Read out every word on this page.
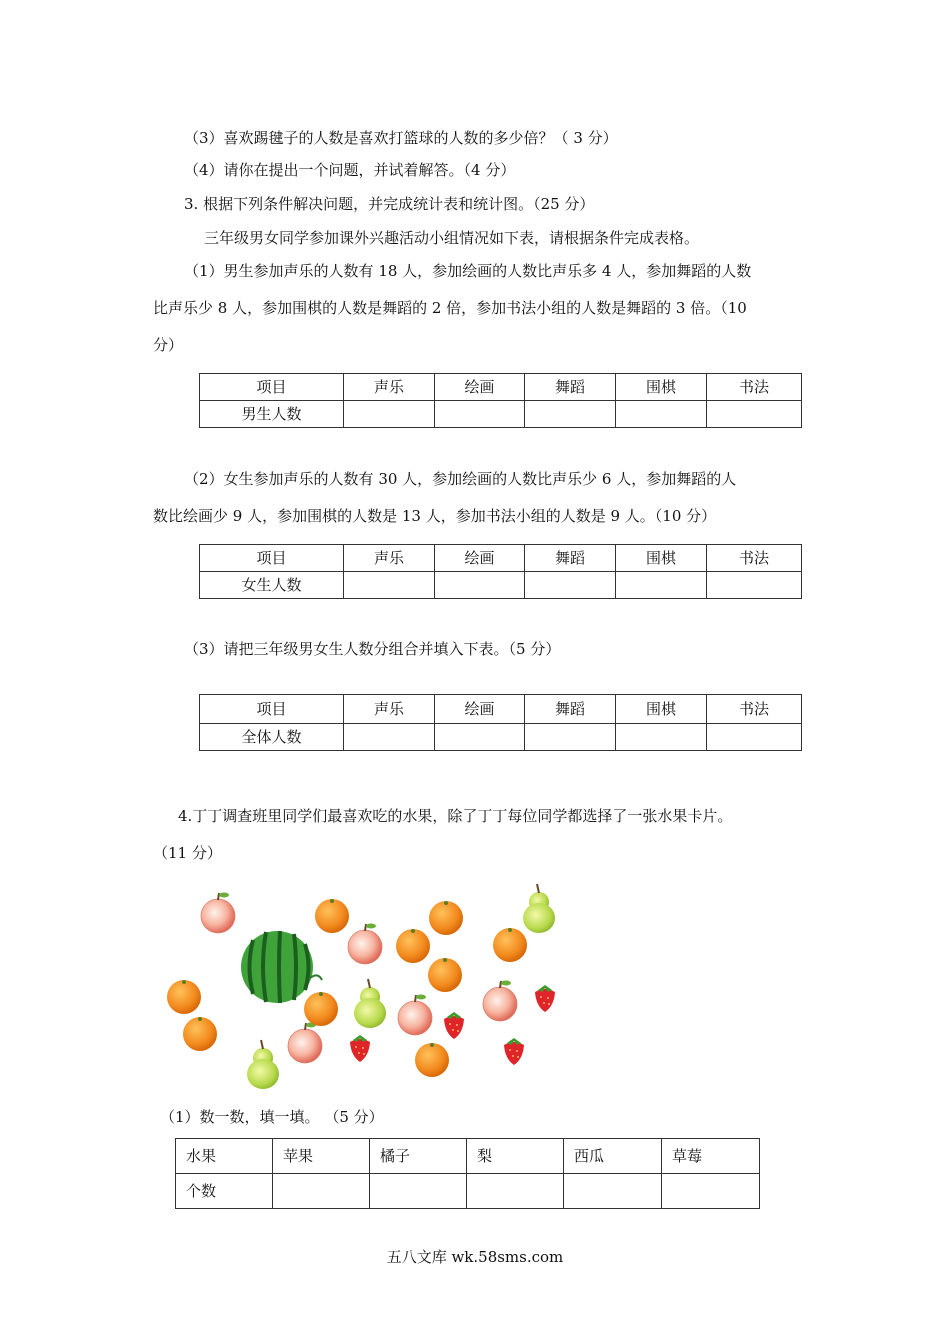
（3）喜欢踢毽子的人数是喜欢打篮球的人数的多少倍？（ 3 分）
（4）请你在提出一个问题，并试着解答。（4 分）
3. 根据下列条件解决问题，并完成统计表和统计图。（25 分）
三年级男女同学参加课外兴趣活动小组情况如下表，请根据条件完成表格。
（1）男生参加声乐的人数有 18 人，参加绘画的人数比声乐多 4 人，参加舞蹈的人数
比声乐少 8 人，参加围棋的人数是舞蹈的 2 倍，参加书法小组的人数是舞蹈的 3 倍。（10
分）
项目	声乐	绘画	舞蹈	围棋	书法
男生人数					
（2）女生参加声乐的人数有 30 人，参加绘画的人数比声乐少 6 人，参加舞蹈的人
数比绘画少 9 人，参加围棋的人数是 13 人，参加书法小组的人数是 9 人。（10 分）
项目	声乐	绘画	舞蹈	围棋	书法
女生人数					
（3）请把三年级男女生人数分组合并填入下表。（5 分）
项目	声乐	绘画	舞蹈	围棋	书法
全体人数					
4.丁丁调查班里同学们最喜欢吃的水果，除了丁丁每位同学都选择了一张水果卡片。
（11 分）
（1）数一数，填一填。 （5 分）
水果	苹果	橘子	梨	西瓜	草莓
个数					
五八文库 wk.58sms.com
